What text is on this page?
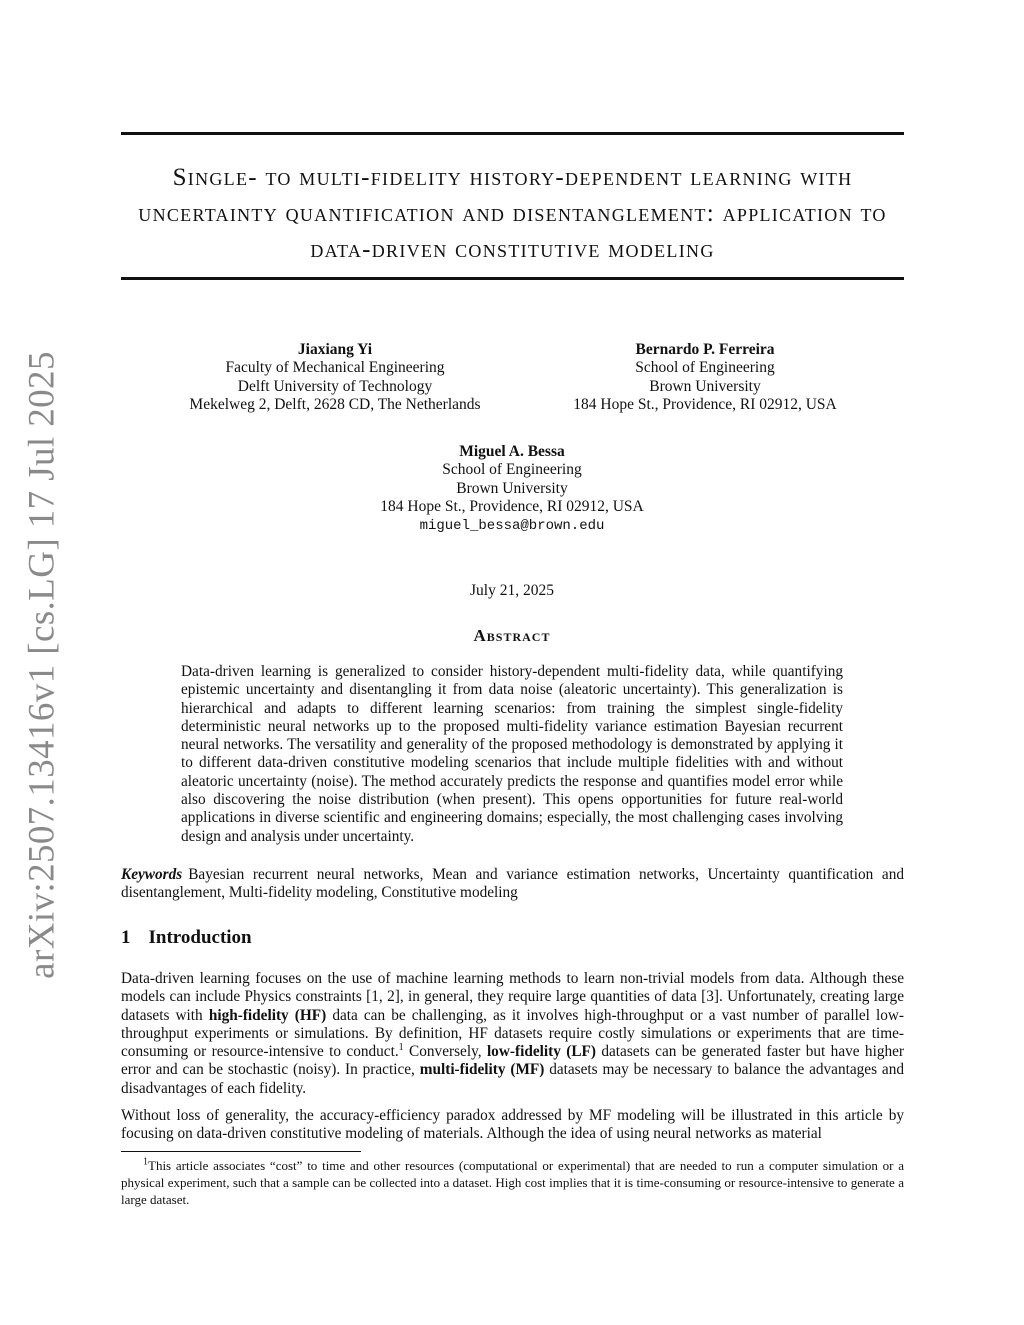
arXiv:2507.13416v1 [cs.LG] 17 Jul 2025
Single- to multi-fidelity history-dependent learning with uncertainty quantification and disentanglement: application to data-driven constitutive modeling
Jiaxiang Yi
Faculty of Mechanical Engineering
Delft University of Technology
Mekelweg 2, Delft, 2628 CD, The Netherlands
Bernardo P. Ferreira
School of Engineering
Brown University
184 Hope St., Providence, RI 02912, USA
Miguel A. Bessa
School of Engineering
Brown University
184 Hope St., Providence, RI 02912, USA
miguel_bessa@brown.edu
July 21, 2025
Abstract

Data-driven learning is generalized to consider history-dependent multi-fidelity data, while quantifying epistemic uncertainty and disentangling it from data noise (aleatoric uncertainty). This generalization is hierarchical and adapts to different learning scenarios: from training the simplest single-fidelity deterministic neural networks up to the proposed multi-fidelity variance estimation Bayesian recurrent neural networks. The versatility and generality of the proposed methodology is demonstrated by applying it to different data-driven constitutive modeling scenarios that include multiple fidelities with and without aleatoric uncertainty (noise). The method accurately predicts the response and quantifies model error while also discovering the noise distribution (when present). This opens opportunities for future real-world applications in diverse scientific and engineering domains; especially, the most challenging cases involving design and analysis under uncertainty.

Keywords Bayesian recurrent neural networks, Mean and variance estimation networks, Uncertainty quantification and disentanglement, Multi-fidelity modeling, Constitutive modeling

1 Introduction

Data-driven learning focuses on the use of machine learning methods to learn non-trivial models from data. Although these models can include Physics constraints [1, 2], in general, they require large quantities of data [3]. Unfortunately, creating large datasets with high-fidelity (HF) data can be challenging, as it involves high-throughput or a vast number of parallel low-throughput experiments or simulations. By definition, HF datasets require costly simulations or experiments that are time-consuming or resource-intensive to conduct.$^1$ Conversely, low-fidelity (LF) datasets can be generated faster but have higher error and can be stochastic (noisy). In practice, multi-fidelity (MF) datasets may be necessary to balance the advantages and disadvantages of each fidelity.

Without loss of generality, the accuracy-efficiency paradox addressed by MF modeling will be illustrated in this article by focusing on data-driven constitutive modeling of materials. Although the idea of using neural networks as material

$^1$This article associates “cost” to time and other resources (computational or experimental) that are needed to run a computer simulation or a physical experiment, such that a sample can be collected into a dataset. High cost implies that it is time-consuming or resource-intensive to generate a large dataset.
